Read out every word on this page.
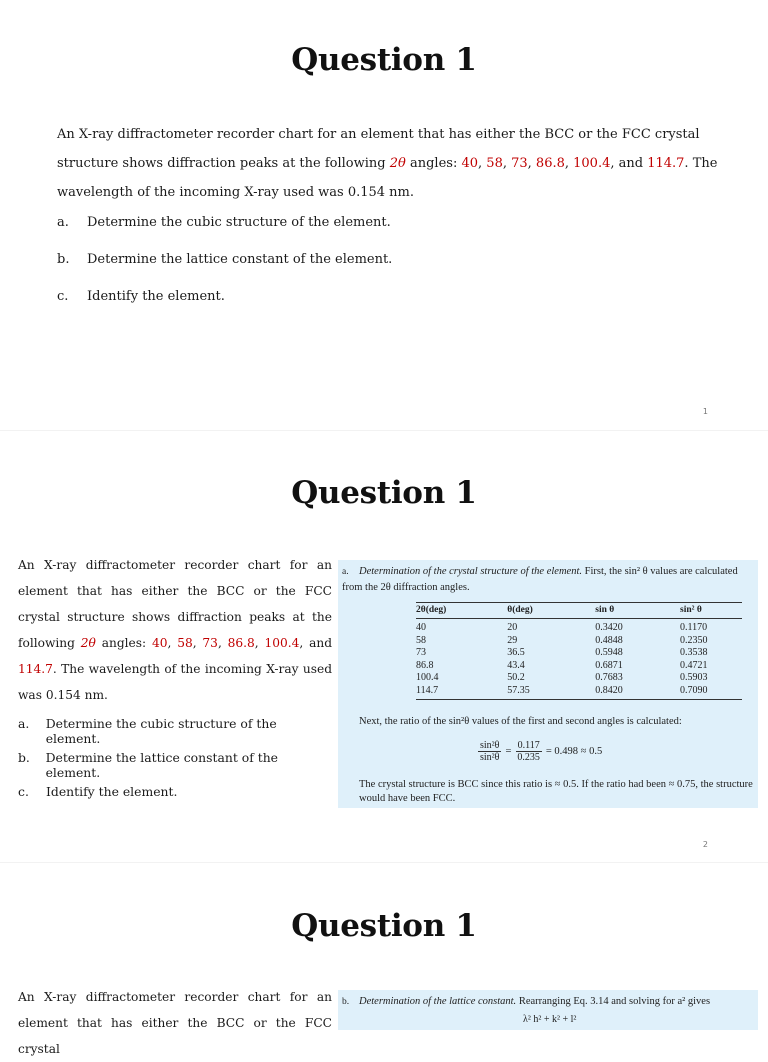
Question 1
An X-ray diffractometer recorder chart for an element that has either the BCC or the FCC crystal structure shows diffraction peaks at the following 2θ angles: 40, 58, 73, 86.8, 100.4, and 114.7. The wavelength of the incoming X-ray used was 0.154 nm.
a.	Determine the cubic structure of the element.
b.	Determine the lattice constant of the element.
c.	Identify the element.
1
Question 1
An X-ray diffractometer recorder chart for an element that has either the BCC or the FCC crystal structure shows diffraction peaks at the following 2θ angles: 40, 58, 73, 86.8, 100.4, and 114.7. The wavelength of the incoming X-ray used was 0.154 nm.
a.	Determine the cubic structure of the element.
b.	Determine the lattice constant of the element.
c.	Identify the element.
a. Determination of the crystal structure of the element. First, the sin² θ values are calculated from the 2θ diffraction angles.
2θ(deg)	θ(deg)	sin θ	sin² θ
40	20	0.3420	0.1170
58	29	0.4848	0.2350
73	36.5	0.5948	0.3538
86.8	43.4	0.6871	0.4721
100.4	50.2	0.7683	0.5903
114.7	57.35	0.8420	0.7090
Next, the ratio of the sin²θ values of the first and second angles is calculated:
$\frac{\text{sin²θ}}{\text{sin²θ}} = \frac{0.117}{0.235} = 0.498 \approx 0.5$
The crystal structure is BCC since this ratio is ≈ 0.5. If the ratio had been ≈ 0.75, the structure would have been FCC.
2
Question 1
An X-ray diffractometer recorder chart for an element that has either the BCC or the FCC crystal
b. Determination of the lattice constant. Rearranging Eq. 3.14 and solving for a² gives
λ² h² + k² + l²
